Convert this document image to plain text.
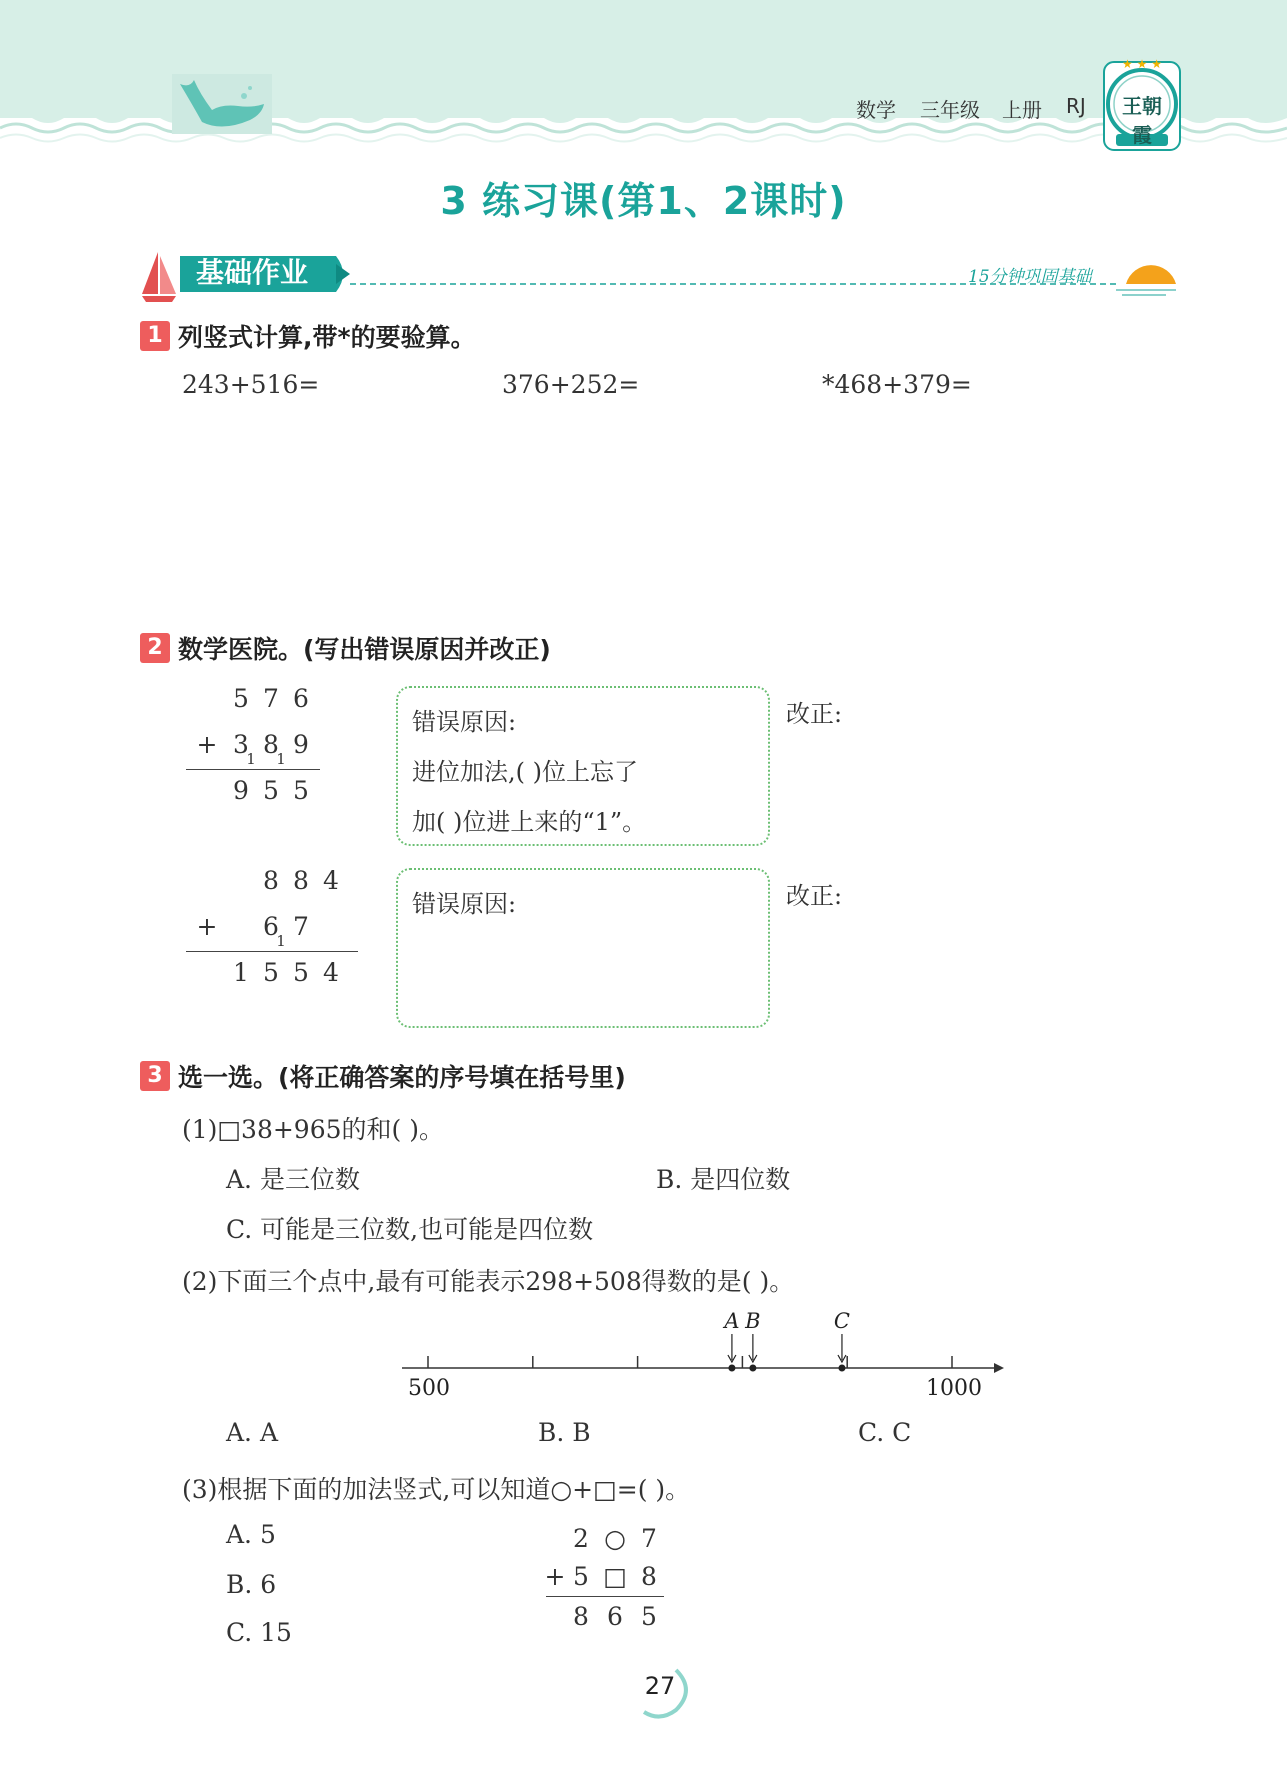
数学 三年级 上册 RJ
★ ★ ★
王朝霞
3 练习课(第1、2课时)
基础作业	15分钟巩固基础
1 列竖式计算,带*的要验算。
243+516=	376+252=	*468+379=
2 数学医院。(写出错误原因并改正)
5 7 6
+ 3 8 9
1 1
9 5 5
错误原因:
进位加法,( )位上忘了
加( )位进上来的“1”。
改正:
8 8 4
+ 6 7
1
1 5 5 4
错误原因:	改正:
3 选一选。(将正确答案的序号填在括号里)
(1)□38+965的和( )。
A. 是三位数	B. 是四位数
C. 可能是三位数,也可能是四位数
(2)下面三个点中,最有可能表示298+508得数的是( )。
A B	C
500	1000
A. A	B. B	C. C
(3)根据下面的加法竖式,可以知道○+□=( )。
A. 5
B. 6
C. 15
2 ○ 7
+ 5 □ 8
8 6 5
27
